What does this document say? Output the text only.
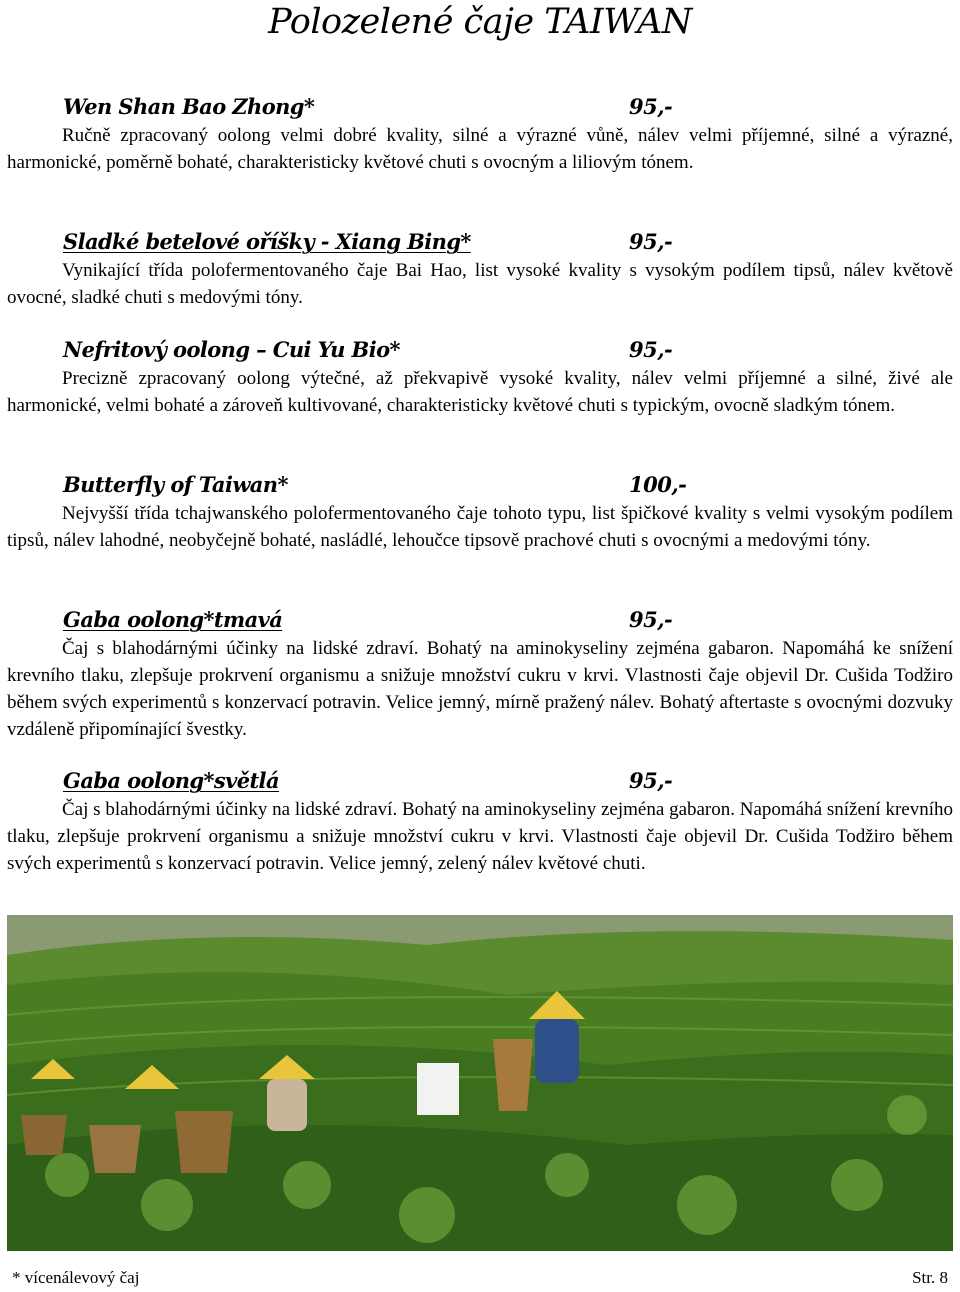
Polozelené čaje TAIWAN
Wen Shan Bao Zhong*	95,-

Ručně zpracovaný oolong velmi dobré kvality, silné a výrazné vůně, nálev velmi příjemné, silné a výrazné, harmonické, poměrně bohaté, charakteristicky květové chuti s ovocným a liliovým tónem.

Sladké betelové oříšky - Xiang Bing*	95,-

Vynikající třída polofermentovaného čaje Bai Hao, list vysoké kvality s vysokým podílem tipsů, nálev květově ovocné, sladké chuti s medovými tóny.

Nefritový oolong – Cui Yu Bio*	95,-

Precizně zpracovaný oolong výtečné, až překvapivě vysoké kvality, nálev velmi příjemné a silné, živé ale harmonické, velmi bohaté a zároveň kultivované, charakteristicky květové chuti s typickým, ovocně sladkým tónem.

Butterfly of Taiwan*	100,-

Nejvyšší třída tchajwanského polofermentovaného čaje tohoto typu, list špičkové kvality s velmi vysokým podílem tipsů, nálev lahodné, neobyčejně bohaté, nasládlé, lehoučce tipsově prachové chuti s ovocnými a medovými tóny.

Gaba oolong*tmavá	95,-

Čaj s blahodárnými účinky na lidské zdraví. Bohatý na aminokyseliny zejména gabaron. Napomáhá ke snížení krevního tlaku, zlepšuje prokrvení organismu a snižuje množství cukru v krvi. Vlastnosti čaje objevil Dr. Cušida Todžiro během svých experimentů s konzervací potravin. Velice jemný, mírně pražený nálev. Bohatý aftertaste s ovocnými dozvuky vzdáleně připomínající švestky.

Gaba oolong*světlá	95,-

Čaj s blahodárnými účinky na lidské zdraví. Bohatý na aminokyseliny zejména gabaron. Napomáhá snížení krevního tlaku, zlepšuje prokrvení organismu a snižuje množství cukru v krvi. Vlastnosti čaje objevil Dr. Cušida Todžiro během svých experimentů s konzervací potravin. Velice jemný, zelený nálev květové chuti.

* vícenálevový čaj	Str. 8
